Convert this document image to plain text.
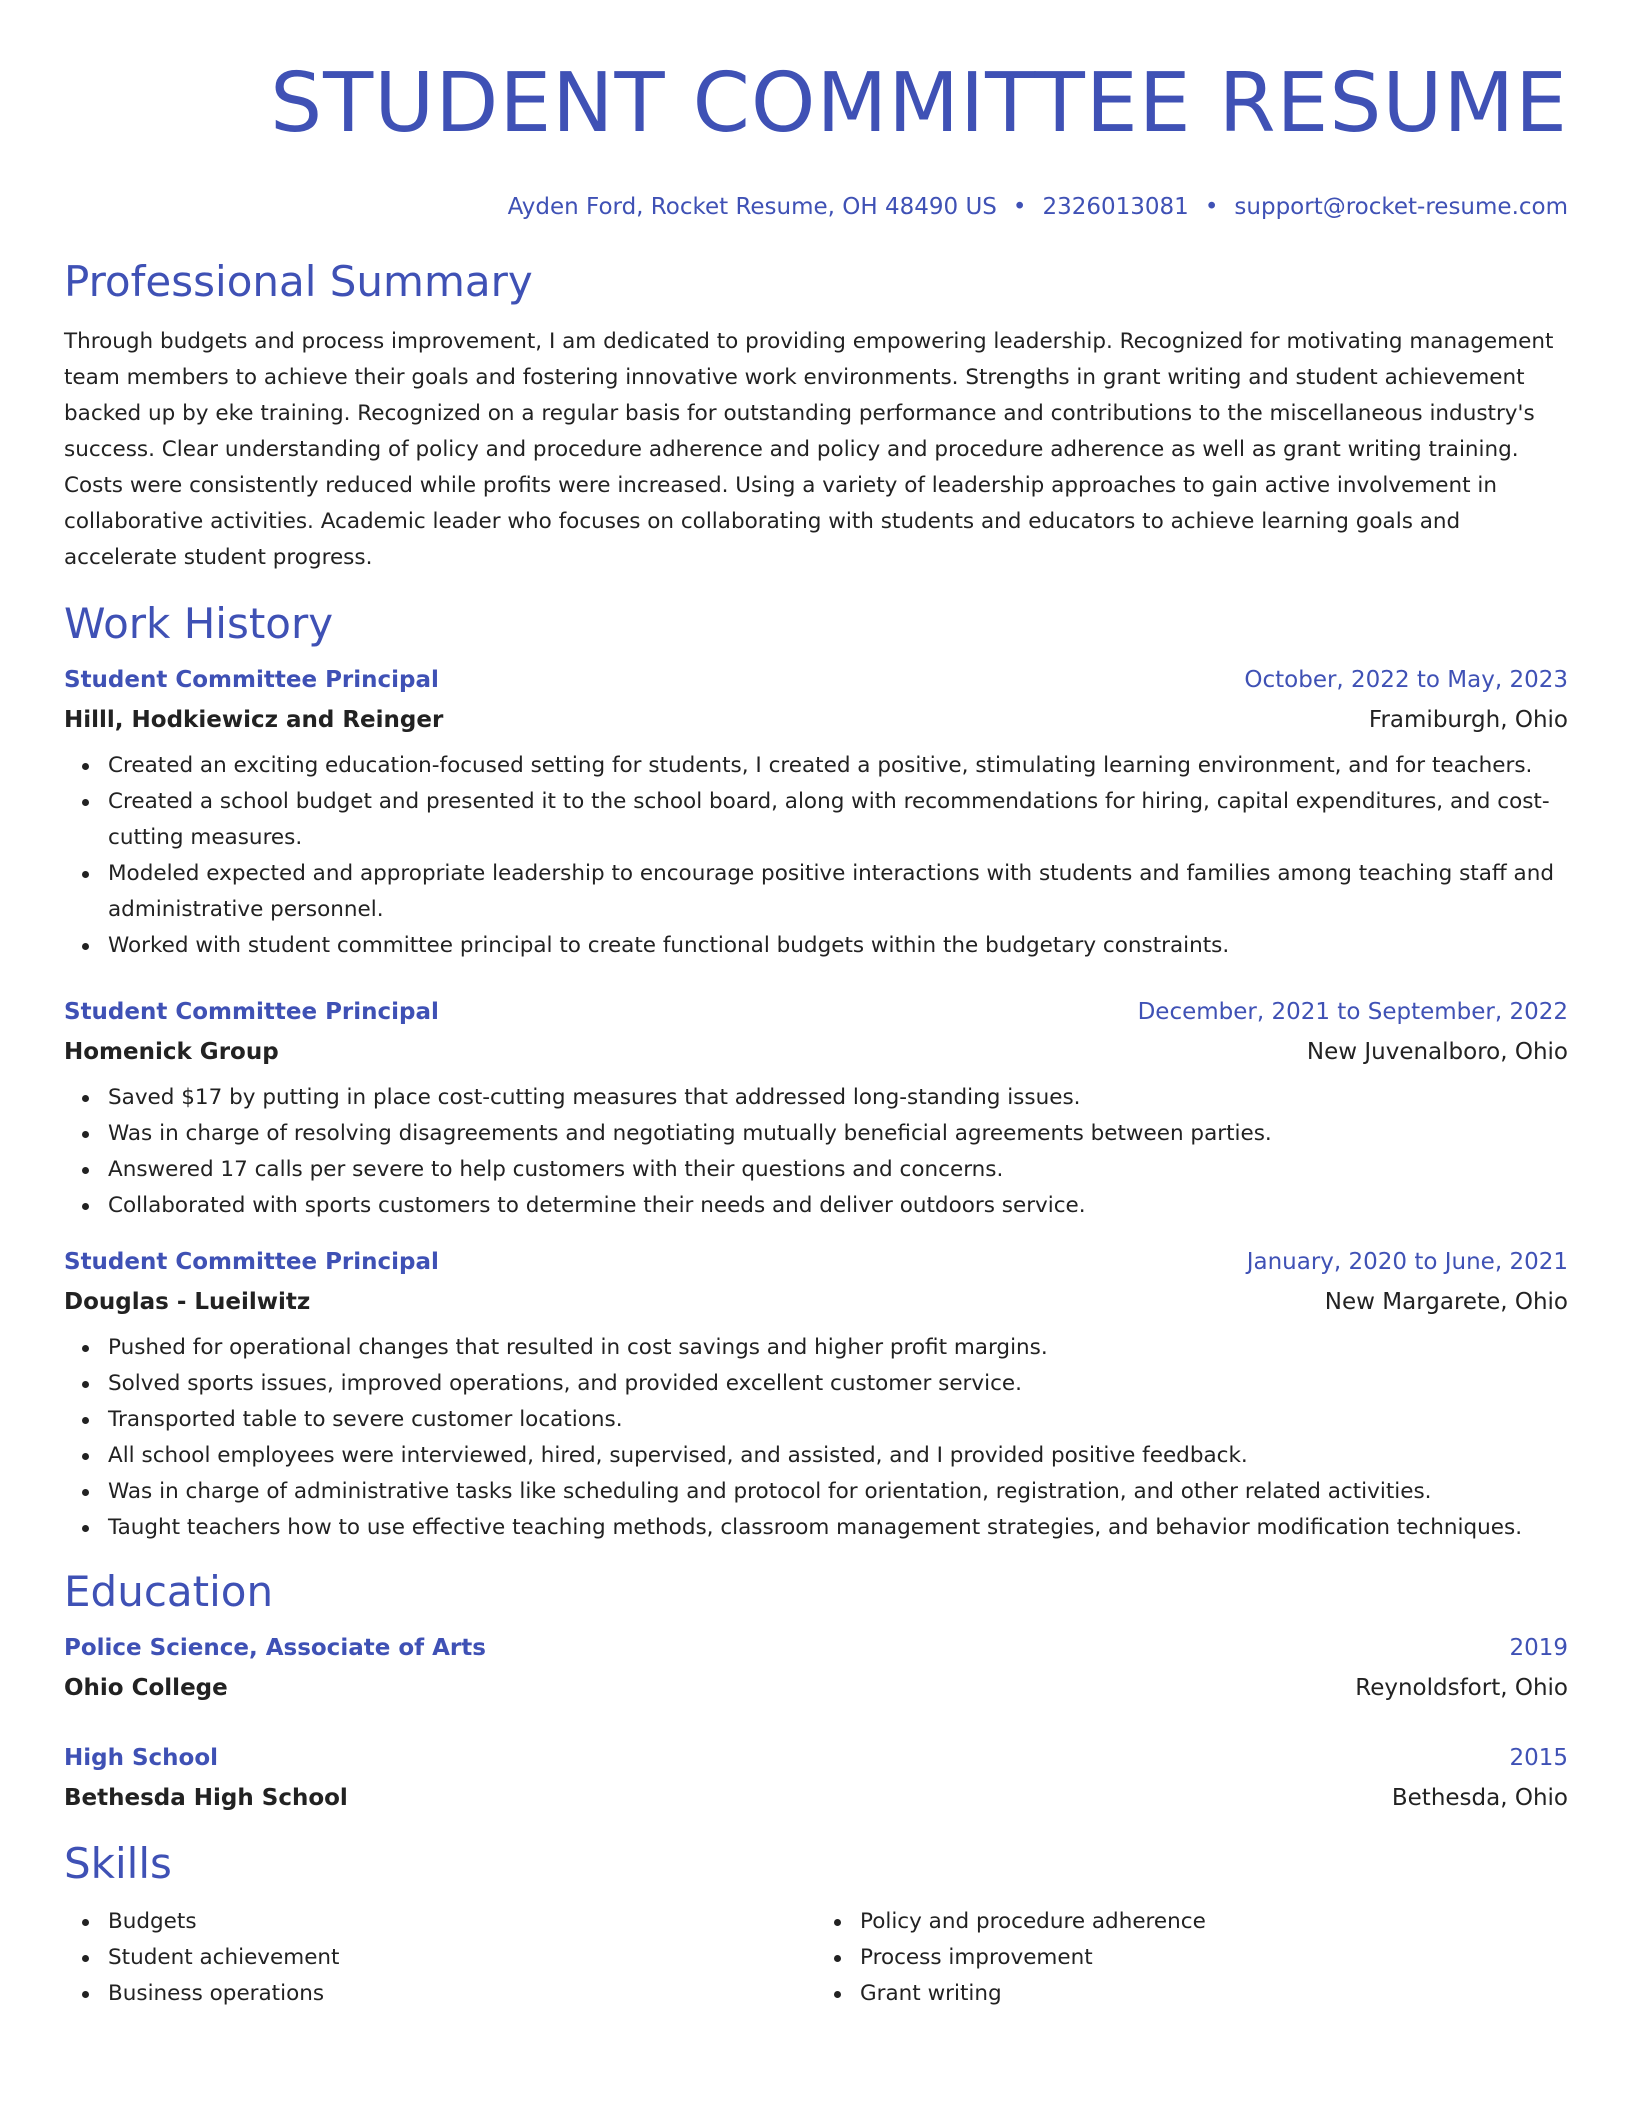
STUDENT COMMITTEE RESUME
Ayden Ford, Rocket Resume, OH 48490 US • 2326013081 • support@rocket-resume.com
Professional Summary

Through budgets and process improvement, I am dedicated to providing empowering leadership. Recognized for motivating management team members to achieve their goals and fostering innovative work environments. Strengths in grant writing and student achievement backed up by eke training. Recognized on a regular basis for outstanding performance and contributions to the miscellaneous industry's success. Clear understanding of policy and procedure adherence and policy and procedure adherence as well as grant writing training. Costs were consistently reduced while profits were increased. Using a variety of leadership approaches to gain active involvement in collaborative activities. Academic leader who focuses on collaborating with students and educators to achieve learning goals and accelerate student progress.

Work History
Student Committee Principal	October, 2022 to May, 2023
Hilll, Hodkiewicz and Reinger	Framiburgh, Ohio
Created an exciting education-focused setting for students, I created a positive, stimulating learning environment, and for teachers.
Created a school budget and presented it to the school board, along with recommendations for hiring, capital expenditures, and cost-cutting measures.
Modeled expected and appropriate leadership to encourage positive interactions with students and families among teaching staff and administrative personnel.
Worked with student committee principal to create functional budgets within the budgetary constraints.
Student Committee Principal	December, 2021 to September, 2022
Homenick Group	New Juvenalboro, Ohio
Saved $17 by putting in place cost-cutting measures that addressed long-standing issues.
Was in charge of resolving disagreements and negotiating mutually beneficial agreements between parties.
Answered 17 calls per severe to help customers with their questions and concerns.
Collaborated with sports customers to determine their needs and deliver outdoors service.
Student Committee Principal	January, 2020 to June, 2021
Douglas - Lueilwitz	New Margarete, Ohio
Pushed for operational changes that resulted in cost savings and higher profit margins.
Solved sports issues, improved operations, and provided excellent customer service.
Transported table to severe customer locations.
All school employees were interviewed, hired, supervised, and assisted, and I provided positive feedback.
Was in charge of administrative tasks like scheduling and protocol for orientation, registration, and other related activities.
Taught teachers how to use effective teaching methods, classroom management strategies, and behavior modification techniques.
Education
Police Science, Associate of Arts	2019
Ohio College	Reynoldsfort, Ohio
High School	2015
Bethesda High School	Bethesda, Ohio
Skills
Budgets
Student achievement
Business operations
Policy and procedure adherence
Process improvement
Grant writing
